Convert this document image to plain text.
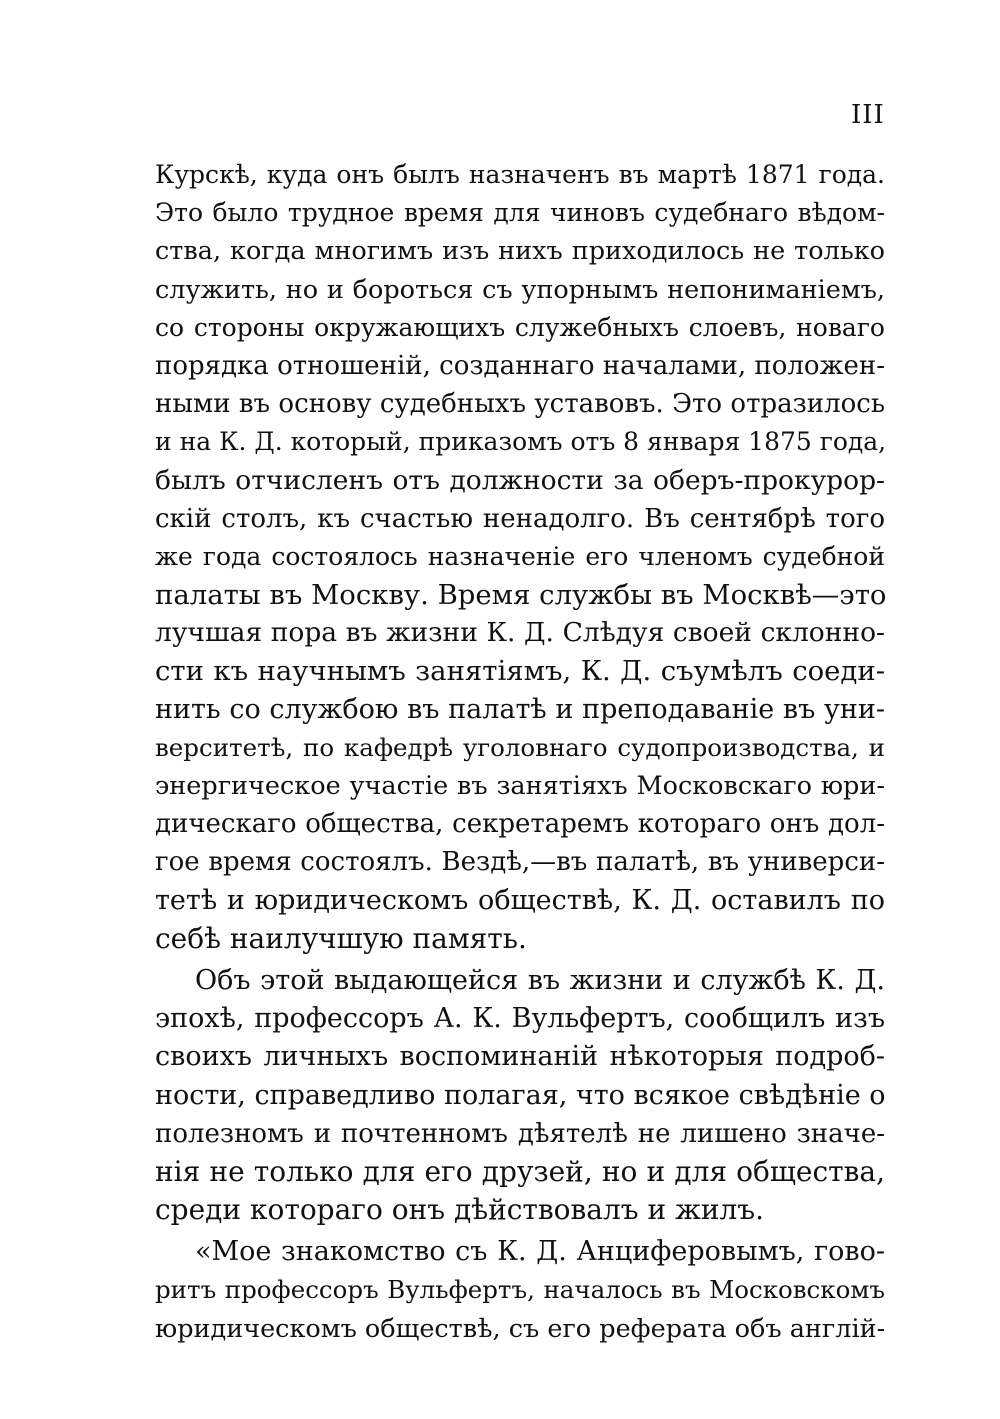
III
Курскѣ, куда онъ былъ назначенъ въ мартѣ 1871 года.
Это было трудное время для чиновъ судебнаго вѣдом-
ства, когда многимъ изъ нихъ приходилось не только
служить, но и бороться съ упорнымъ непониманіемъ,
со стороны окружающихъ служебныхъ слоевъ, новаго
порядка отношеній, созданнаго началами, положен-
ными въ основу судебныхъ уставовъ. Это отразилось
и на К. Д. который, приказомъ отъ 8 января 1875 года,
былъ отчисленъ отъ должности за оберъ-прокурор-
скій столъ, къ счастью ненадолго. Въ сентябрѣ того
же года состоялось назначеніе его членомъ судебной
палаты въ Москву. Время службы въ Москвѣ—это
лучшая пора въ жизни К. Д. Слѣдуя своей склонно-
сти къ научнымъ занятіямъ, К. Д. съумѣлъ соеди-
нить со службою въ палатѣ и преподаваніе въ уни-
верситетѣ, по кафедрѣ уголовнаго судопроизводства, и
энергическое участіе въ занятіяхъ Московскаго юри-
дическаго общества, секретаремъ котораго онъ дол-
гое время состоялъ. Вездѣ,—въ палатѣ, въ универси-
тетѣ и юридическомъ обществѣ, К. Д. оставилъ по
себѣ наилучшую память.
Объ этой выдающейся въ жизни и службѣ К. Д.
эпохѣ, профессоръ А. К. Вульфертъ, сообщилъ изъ
своихъ личныхъ воспоминаній нѣкоторыя подроб-
ности, справедливо полагая, что всякое свѣдѣніе о
полезномъ и почтенномъ дѣятелѣ не лишено значе-
нія не только для его друзей, но и для общества,
среди котораго онъ дѣйствовалъ и жилъ.
«Мое знакомство съ К. Д. Анциферовымъ, гово-
ритъ профессоръ Вульфертъ, началось въ Московскомъ
юридическомъ обществѣ, съ его реферата объ англій-
